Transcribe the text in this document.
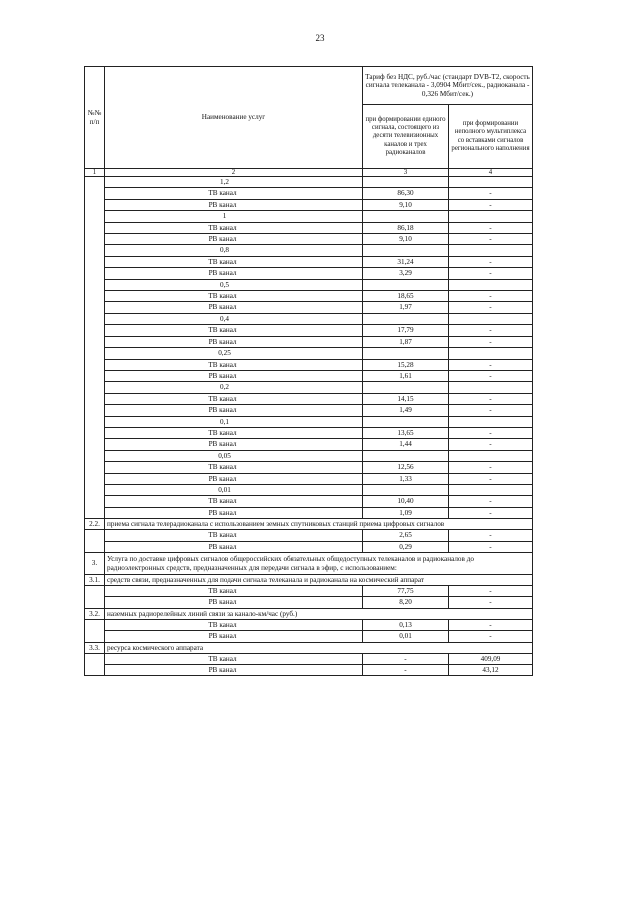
23
№№ п/п	Наименование услуг	Тариф без НДС, руб./час (стандарт DVB-T2, скорость сигнала телеканала - 3,0904 Мбит/сек., радиоканала - 0,326 Мбит/сек.)	
		при формировании единого сигнала, состоящего из десяти телевизионных каналов и трех радиоканалов	при формировании неполного мультиплекса со вставками сигналов регионального наполнения
1	2	3	4
	1,2		
	ТВ канал	86,30	-
	РВ канал	9,10	-
	1		
	ТВ канал	86,18	-
	РВ канал	9,10	-
	0,8		
	ТВ канал	31,24	-
	РВ канал	3,29	-
	0,5		
	ТВ канал	18,65	-
	РВ канал	1,97	-
	0,4		
	ТВ канал	17,79	-
	РВ канал	1,87	-
	0,25		
	ТВ канал	15,28	-
	РВ канал	1,61	-
	0,2		
	ТВ канал	14,15	-
	РВ канал	1,49	-
	0,1		
	ТВ канал	13,65	-
	РВ канал	1,44	-
	0,05		
	ТВ канал	12,56	-
	РВ канал	1,33	-
	0,01		
	ТВ канал	10,40	-
	РВ канал	1,09	-
2.2.	приема сигнала телерадиоканала с использованием земных спутниковых станций приема цифровых сигналов		
	ТВ канал	2,65	-
	РВ канал	0,29	-
3.	Услуга по доставке цифровых сигналов общероссийских обязательных общедоступных телеканалов и радиоканалов до радиоэлектронных средств, предназначенных для передачи сигнала в эфир, с использованием:		
3.1.	средств связи, предназначенных для подачи сигнала телеканала и радиоканала на космический аппарат		
	ТВ канал	77,75	-
	РВ канал	8,20	-
3.2.	наземных радиорелейных линий связи за канало-км/час (руб.)		
	ТВ канал	0,13	-
	РВ канал	0,01	-
3.3.	ресурса космического аппарата		
	ТВ канал	-	409,09
	РВ канал	-	43,12
